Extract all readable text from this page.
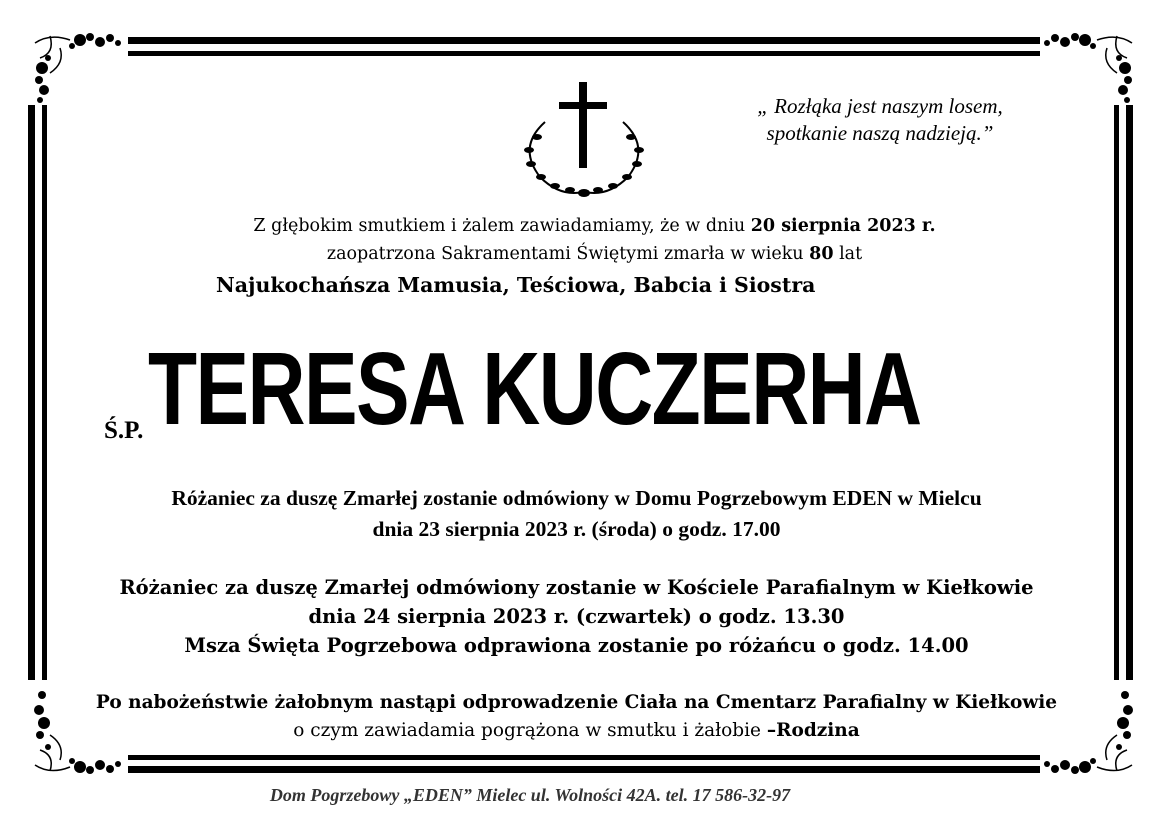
„ Rozłąka jest naszym losem,
spotkanie naszą nadzieją.”
Z głębokim smutkiem i żalem zawiadamiamy, że w dniu 20 sierpnia 2023 r.
zaopatrzona Sakramentami Świętymi zmarła w wieku 80 lat
Najukochańsza Mamusia, Teściowa, Babcia i Siostra
Ś.P. TERESA KUCZERHA
Różaniec za duszę Zmarłej zostanie odmówiony w Domu Pogrzebowym EDEN w Mielcu
dnia 23 sierpnia 2023 r. (środa) o godz. 17.00
Różaniec za duszę Zmarłej odmówiony zostanie w Kościele Parafialnym w Kiełkowie
dnia 24 sierpnia 2023 r. (czwartek) o godz. 13.30
Msza Święta Pogrzebowa odprawiona zostanie po różańcu o godz. 14.00
Po nabożeństwie żałobnym nastąpi odprowadzenie Ciała na Cmentarz Parafialny w Kiełkowie
o czym zawiadamia pogrążona w smutku i żałobie –Rodzina
Dom Pogrzebowy „EDEN” Mielec ul. Wolności 42A. tel. 17 586-32-97
